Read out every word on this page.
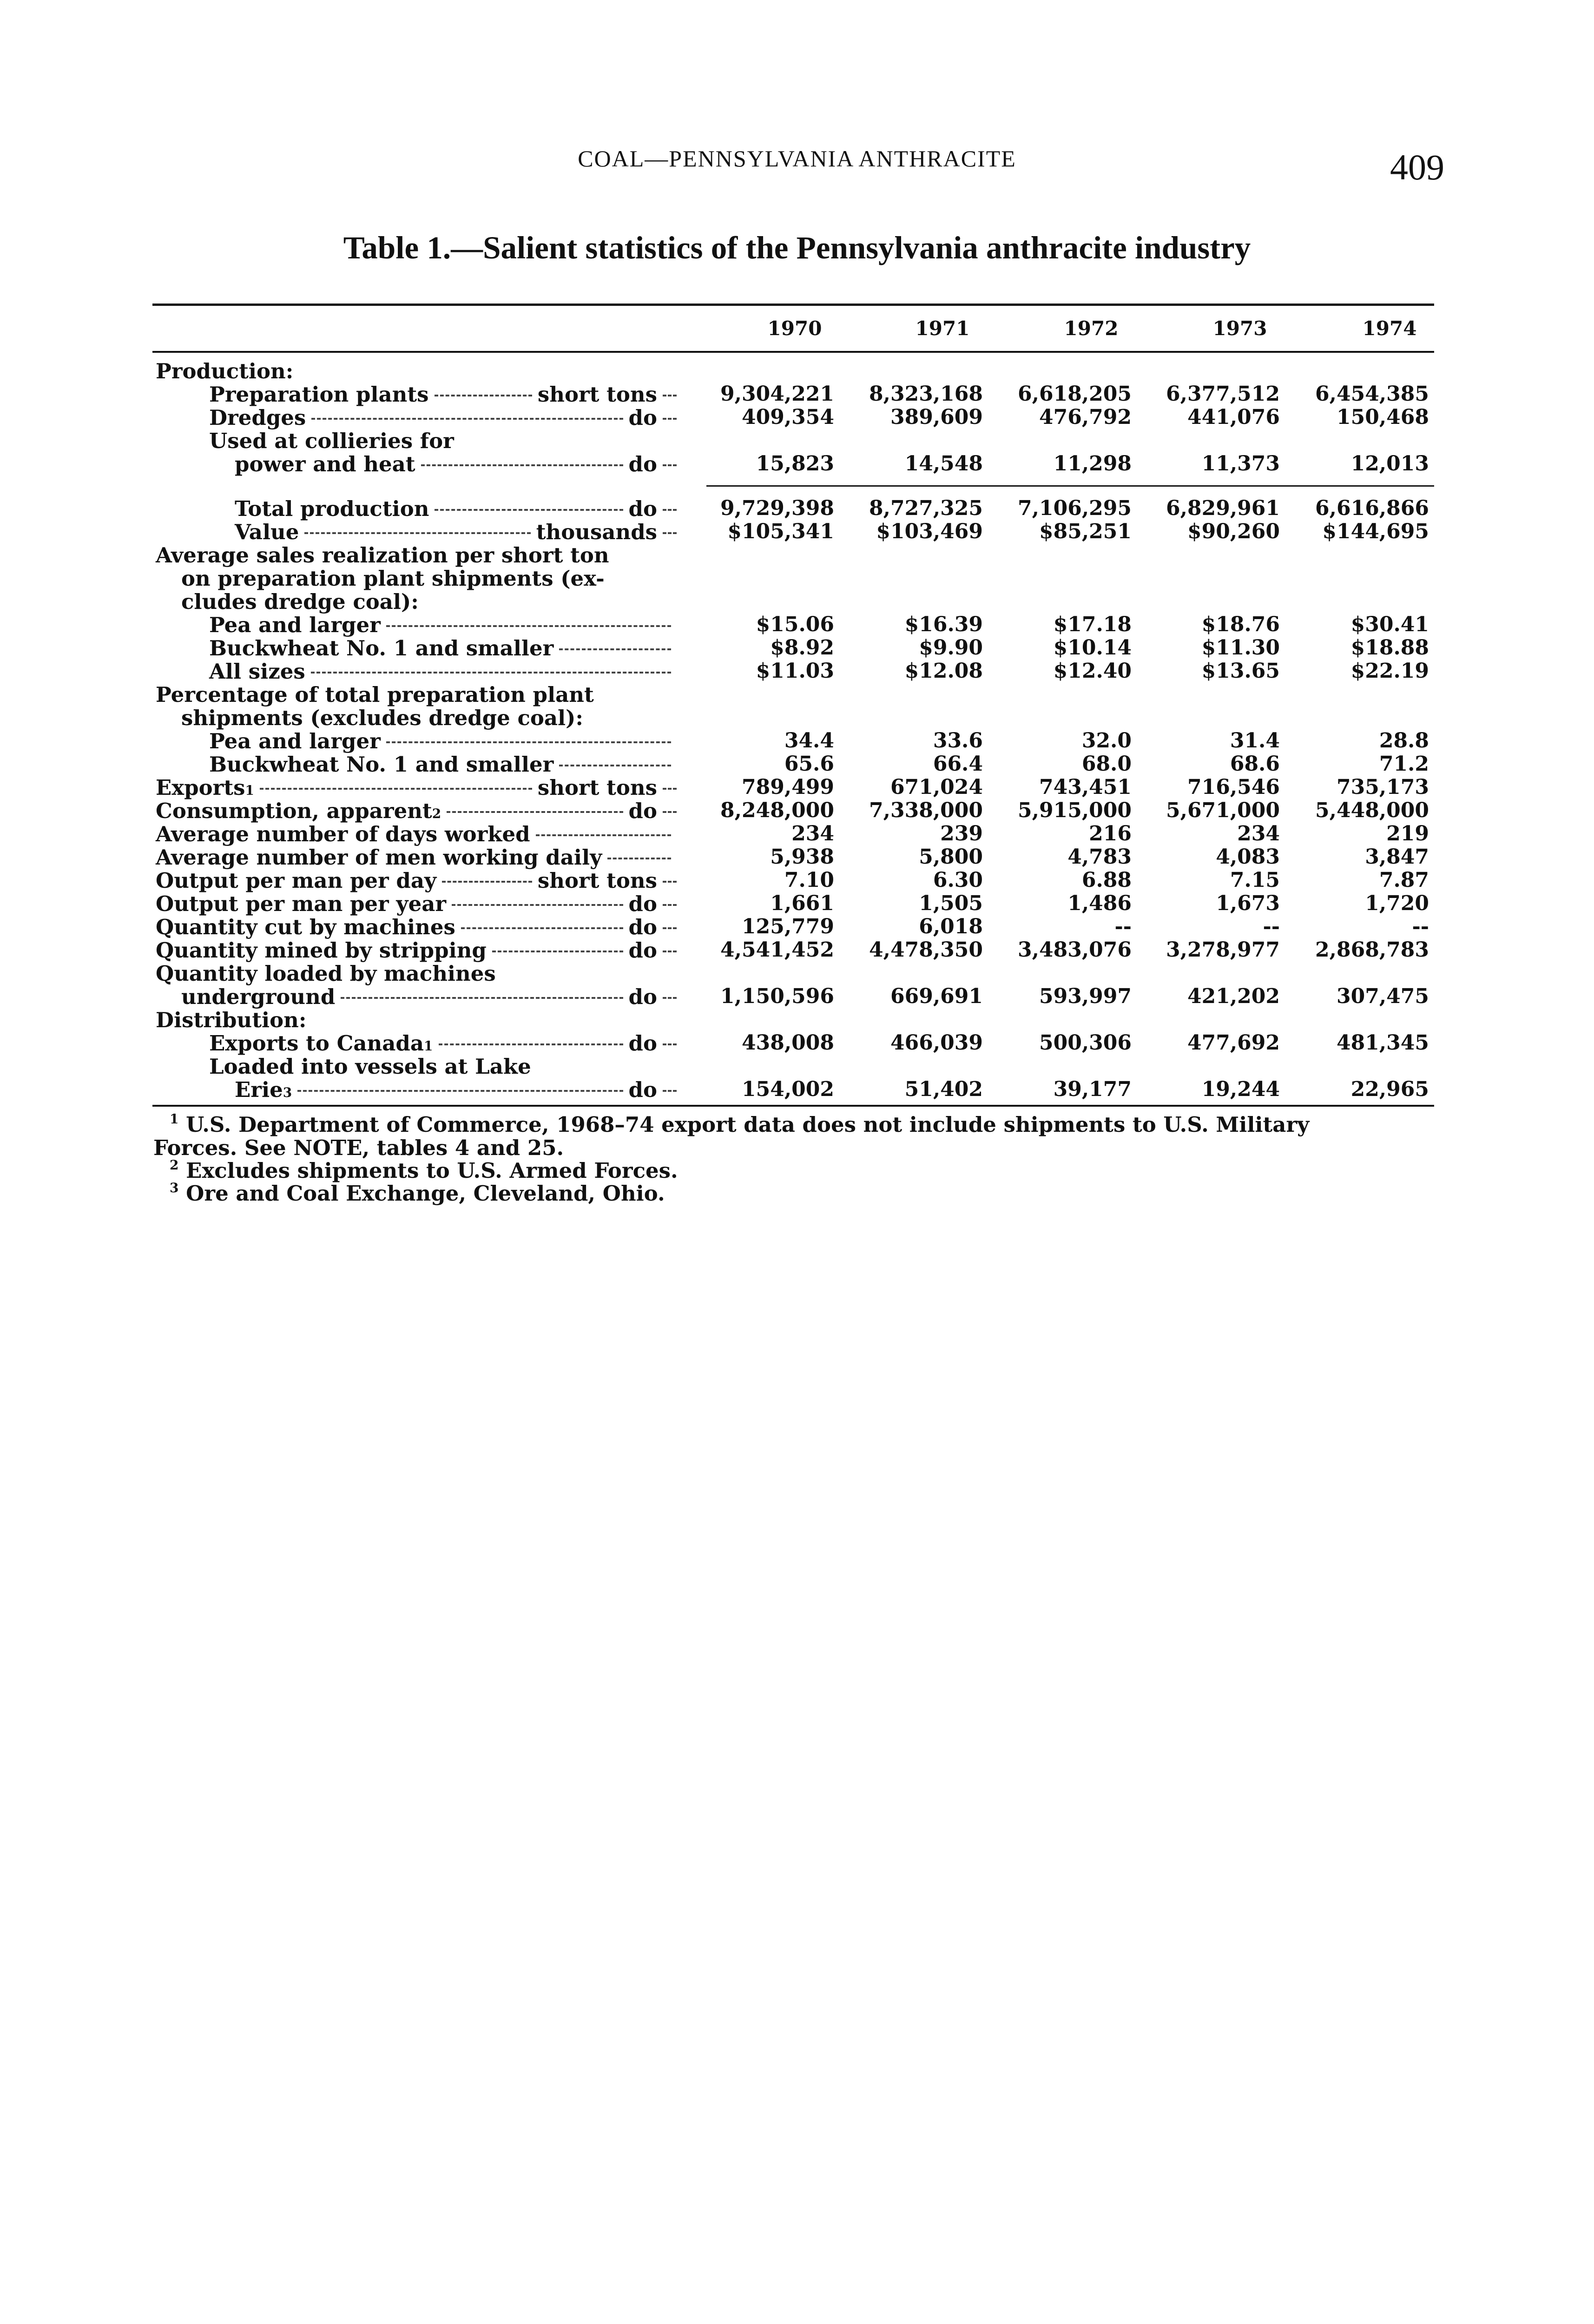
COAL—PENNSYLVANIA ANTHRACITE	409
Table 1.—Salient statistics of the Pennsylvania anthracite industry
1970	1971	1972	1973	1974
Production:
Preparation plants	short tons	9,304,221	8,323,168	6,618,205	6,377,512	6,454,385
Dredges	do	409,354	389,609	476,792	441,076	150,468
Used at collieries for
power and heat	do	15,823	14,548	11,298	11,373	12,013
Total production	do	9,729,398	8,727,325	7,106,295	6,829,961	6,616,866
Value	thousands	$105,341	$103,469	$85,251	$90,260	$144,695
Average sales realization per short ton
on preparation plant shipments (ex-
cludes dredge coal):
Pea and larger	$15.06	$16.39	$17.18	$18.76	$30.41
Buckwheat No. 1 and smaller	$8.92	$9.90	$10.14	$11.30	$18.88
All sizes	$11.03	$12.08	$12.40	$13.65	$22.19
Percentage of total preparation plant
shipments (excludes dredge coal):
Pea and larger	34.4	33.6	32.0	31.4	28.8
Buckwheat No. 1 and smaller	65.6	66.4	68.0	68.6	71.2
Exports 1	short tons	789,499	671,024	743,451	716,546	735,173
Consumption, apparent 2	do	8,248,000	7,338,000	5,915,000	5,671,000	5,448,000
Average number of days worked	234	239	216	234	219
Average number of men working daily	5,938	5,800	4,783	4,083	3,847
Output per man per day	short tons	7.10	6.30	6.88	7.15	7.87
Output per man per year	do	1,661	1,505	1,486	1,673	1,720
Quantity cut by machines	do	125,779	6,018	--	--	--
Quantity mined by stripping	do	4,541,452	4,478,350	3,483,076	3,278,977	2,868,783
Quantity loaded by machines
underground	do	1,150,596	669,691	593,997	421,202	307,475
Distribution:
Exports to Canada 1	do	438,008	466,039	500,306	477,692	481,345
Loaded into vessels at Lake
Erie 3	do	154,002	51,402	39,177	19,244	22,965
$^1$ U.S. Department of Commerce, 1968–74 export data does not include shipments to U.S. Military
Forces. See NOTE, tables 4 and 25.
$^2$ Excludes shipments to U.S. Armed Forces.
$^3$ Ore and Coal Exchange, Cleveland, Ohio.
